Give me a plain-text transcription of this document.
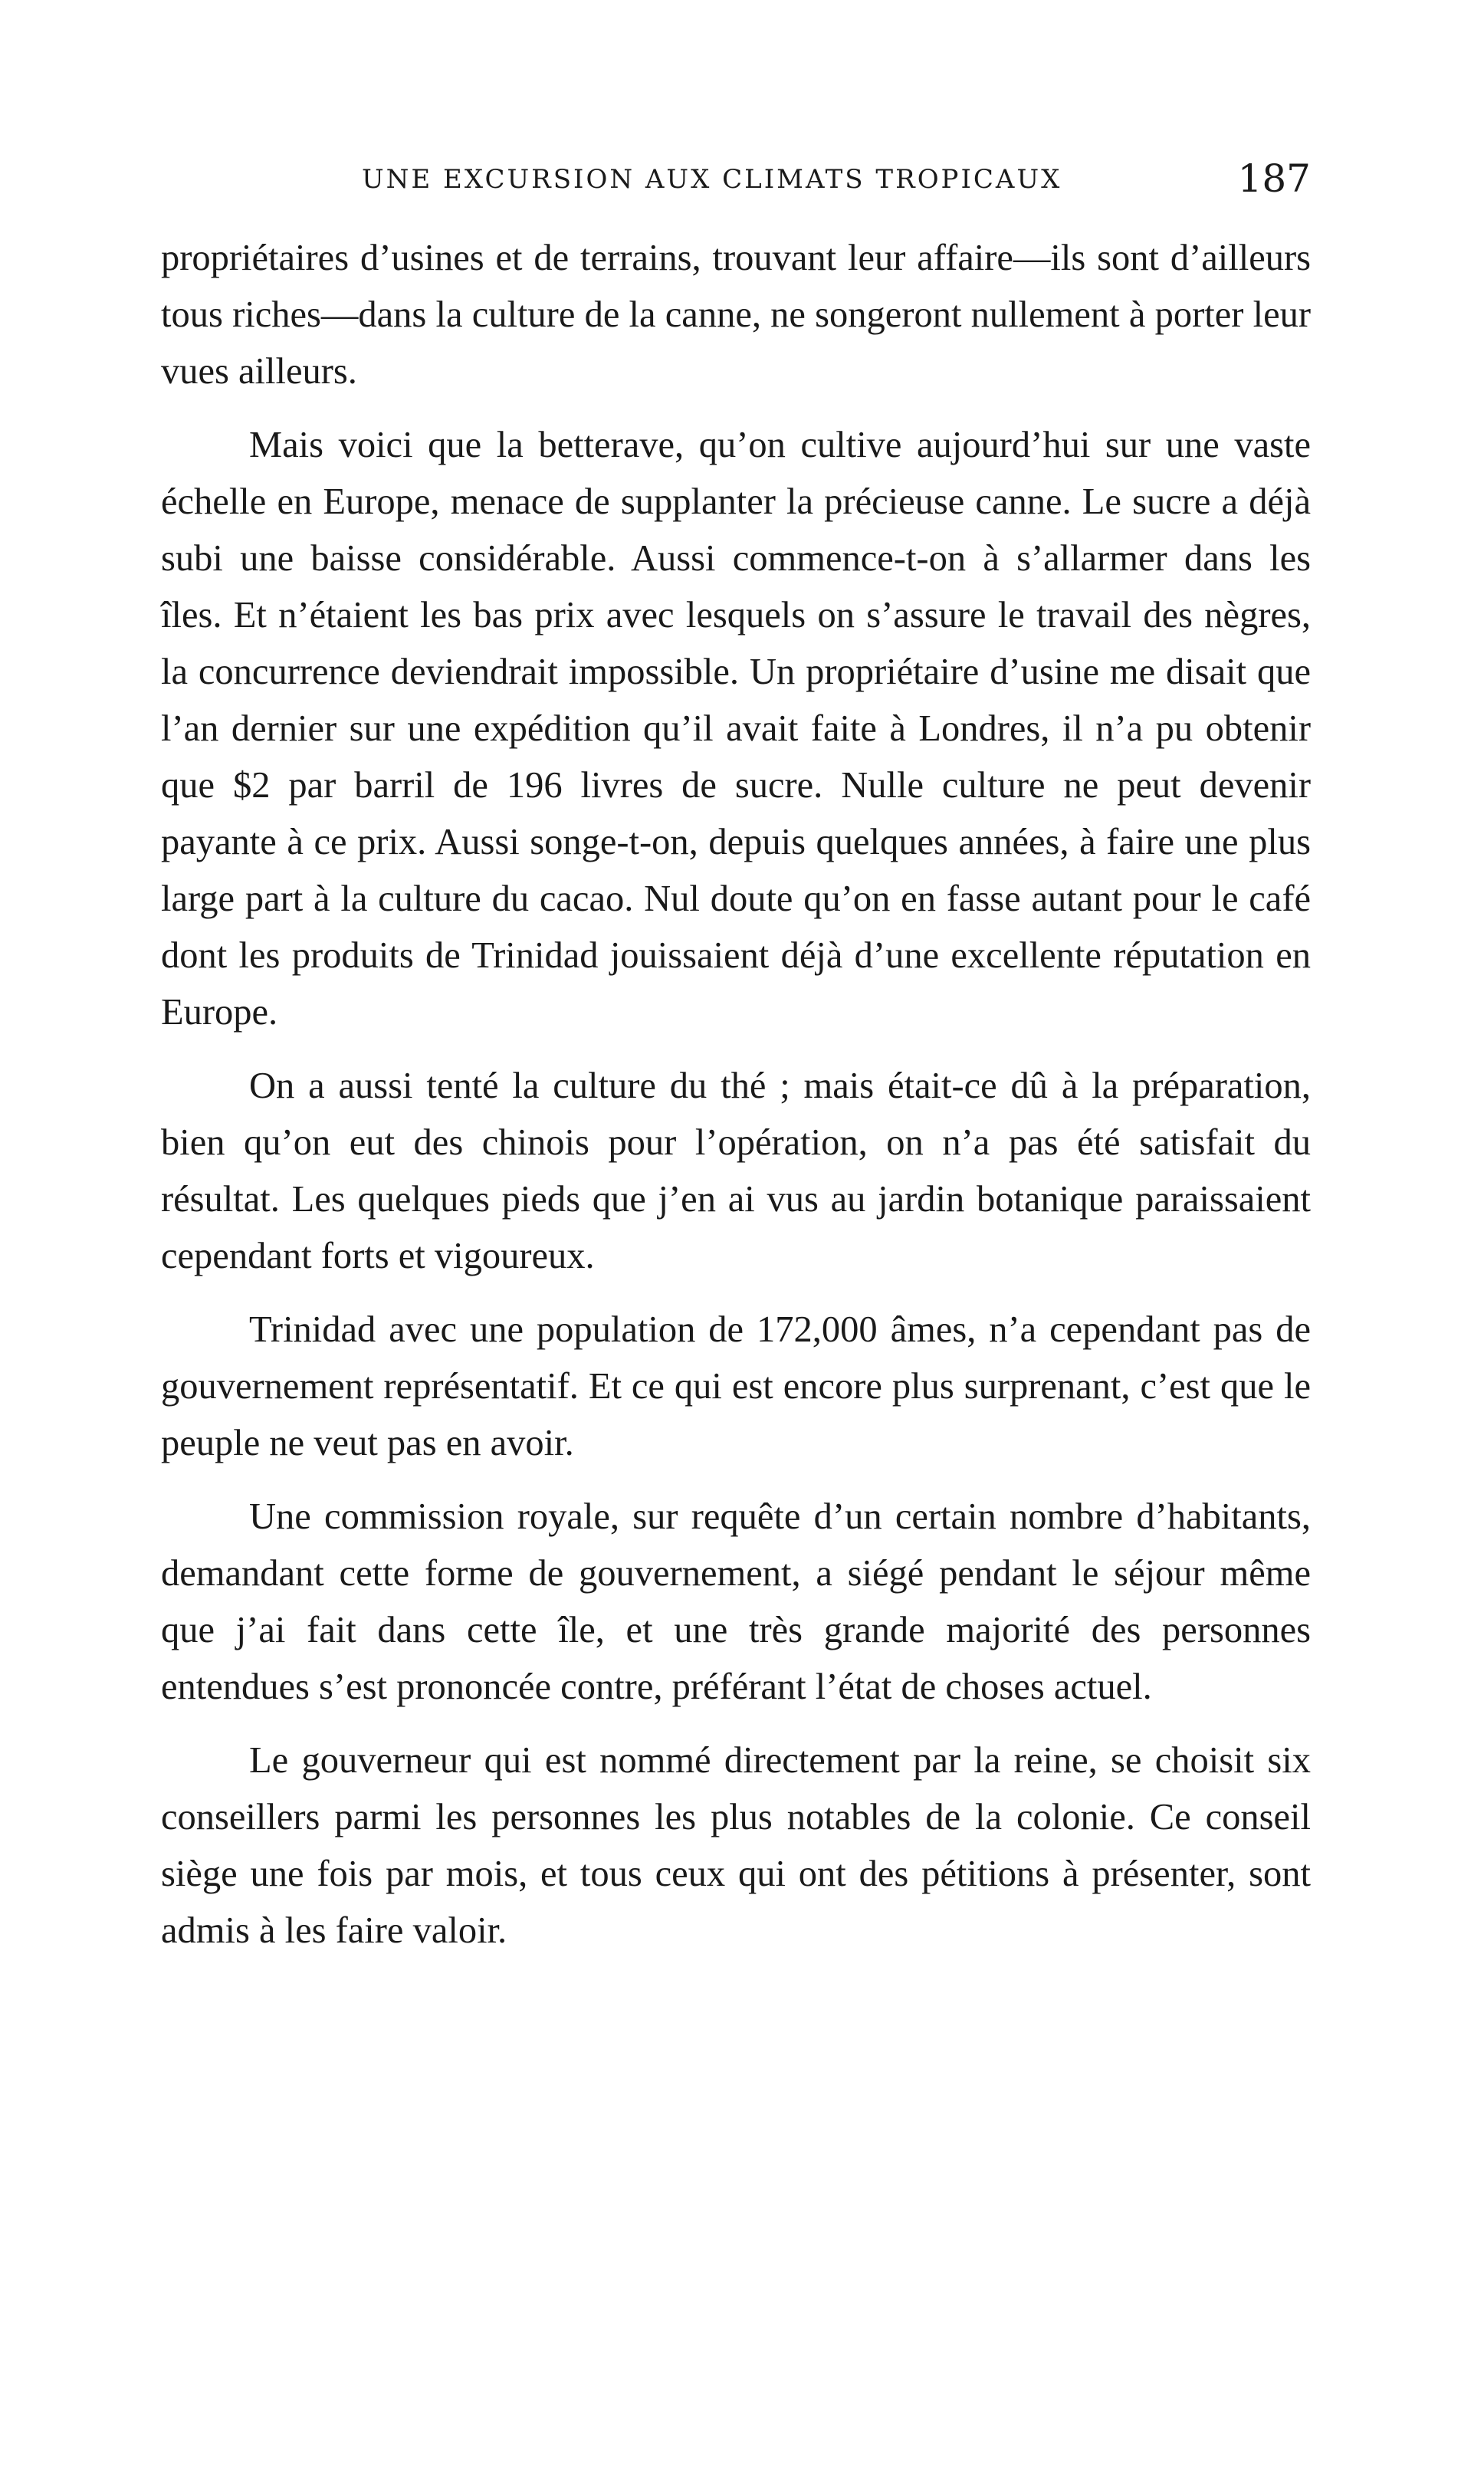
UNE EXCURSION AUX CLIMATS TROPICAUX	187

propriétaires d’usines et de terrains, trouvant leur affaire—ils sont d’ailleurs tous riches—dans la culture de la canne, ne songeront nullement à porter leur vues ailleurs.

Mais voici que la betterave, qu’on cultive aujourd’hui sur une vaste échelle en Europe, menace de supplanter la précieuse canne. Le sucre a déjà subi une baisse considérable. Aussi commence-t-on à s’allarmer dans les îles. Et n’étaient les bas prix avec lesquels on s’assure le travail des nègres, la concurrence deviendrait impossible. Un propriétaire d’usine me disait que l’an dernier sur une expédition qu’il avait faite à Londres, il n’a pu obtenir que $2 par barril de 196 livres de sucre. Nulle culture ne peut devenir payante à ce prix. Aussi songe-t-on, depuis quelques années, à faire une plus large part à la culture du cacao. Nul doute qu’on en fasse autant pour le café dont les produits de Trinidad jouissaient déjà d’une excellente réputation en Europe.

On a aussi tenté la culture du thé ; mais était-ce dû à la préparation, bien qu’on eut des chinois pour l’opération, on n’a pas été satisfait du résultat. Les quelques pieds que j’en ai vus au jardin botanique paraissaient cependant forts et vigoureux.

Trinidad avec une population de 172,000 âmes, n’a cependant pas de gouvernement représentatif. Et ce qui est encore plus surprenant, c’est que le peuple ne veut pas en avoir.

Une commission royale, sur requête d’un certain nombre d’habitants, demandant cette forme de gouvernement, a siégé pendant le séjour même que j’ai fait dans cette île, et une très grande majorité des personnes entendues s’est prononcée contre, préférant l’état de choses actuel.

Le gouverneur qui est nommé directement par la reine, se choisit six conseillers parmi les personnes les plus notables de la colonie. Ce conseil siège une fois par mois, et tous ceux qui ont des pétitions à présenter, sont admis à les faire valoir.
